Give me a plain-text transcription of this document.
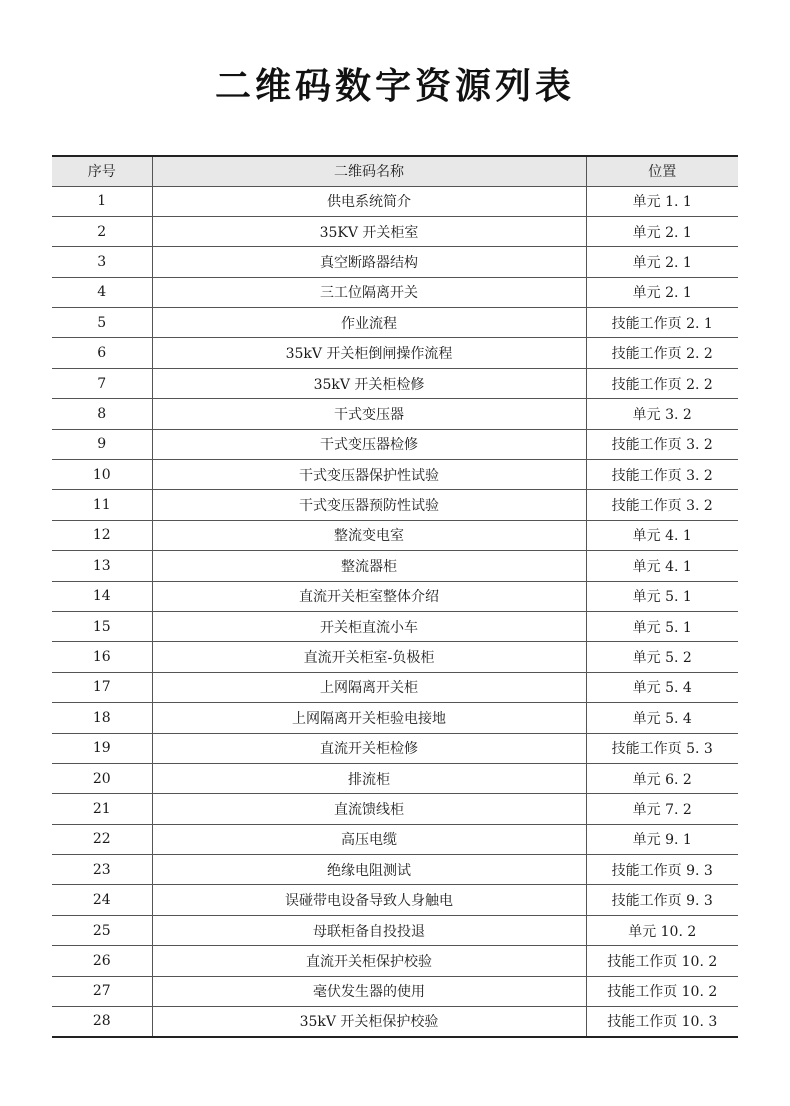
二维码数字资源列表
序号	二维码名称	位置
1	供电系统简介	单元 1. 1
2	35KV 开关柜室	单元 2. 1
3	真空断路器结构	单元 2. 1
4	三工位隔离开关	单元 2. 1
5	作业流程	技能工作页 2. 1
6	35kV 开关柜倒闸操作流程	技能工作页 2. 2
7	35kV 开关柜检修	技能工作页 2. 2
8	干式变压器	单元 3. 2
9	干式变压器检修	技能工作页 3. 2
10	干式变压器保护性试验	技能工作页 3. 2
11	干式变压器预防性试验	技能工作页 3. 2
12	整流变电室	单元 4. 1
13	整流器柜	单元 4. 1
14	直流开关柜室整体介绍	单元 5. 1
15	开关柜直流小车	单元 5. 1
16	直流开关柜室-负极柜	单元 5. 2
17	上网隔离开关柜	单元 5. 4
18	上网隔离开关柜验电接地	单元 5. 4
19	直流开关柜检修	技能工作页 5. 3
20	排流柜	单元 6. 2
21	直流馈线柜	单元 7. 2
22	高压电缆	单元 9. 1
23	绝缘电阻测试	技能工作页 9. 3
24	误碰带电设备导致人身触电	技能工作页 9. 3
25	母联柜备自投投退	单元 10. 2
26	直流开关柜保护校验	技能工作页 10. 2
27	毫伏发生器的使用	技能工作页 10. 2
28	35kV 开关柜保护校验	技能工作页 10. 3
